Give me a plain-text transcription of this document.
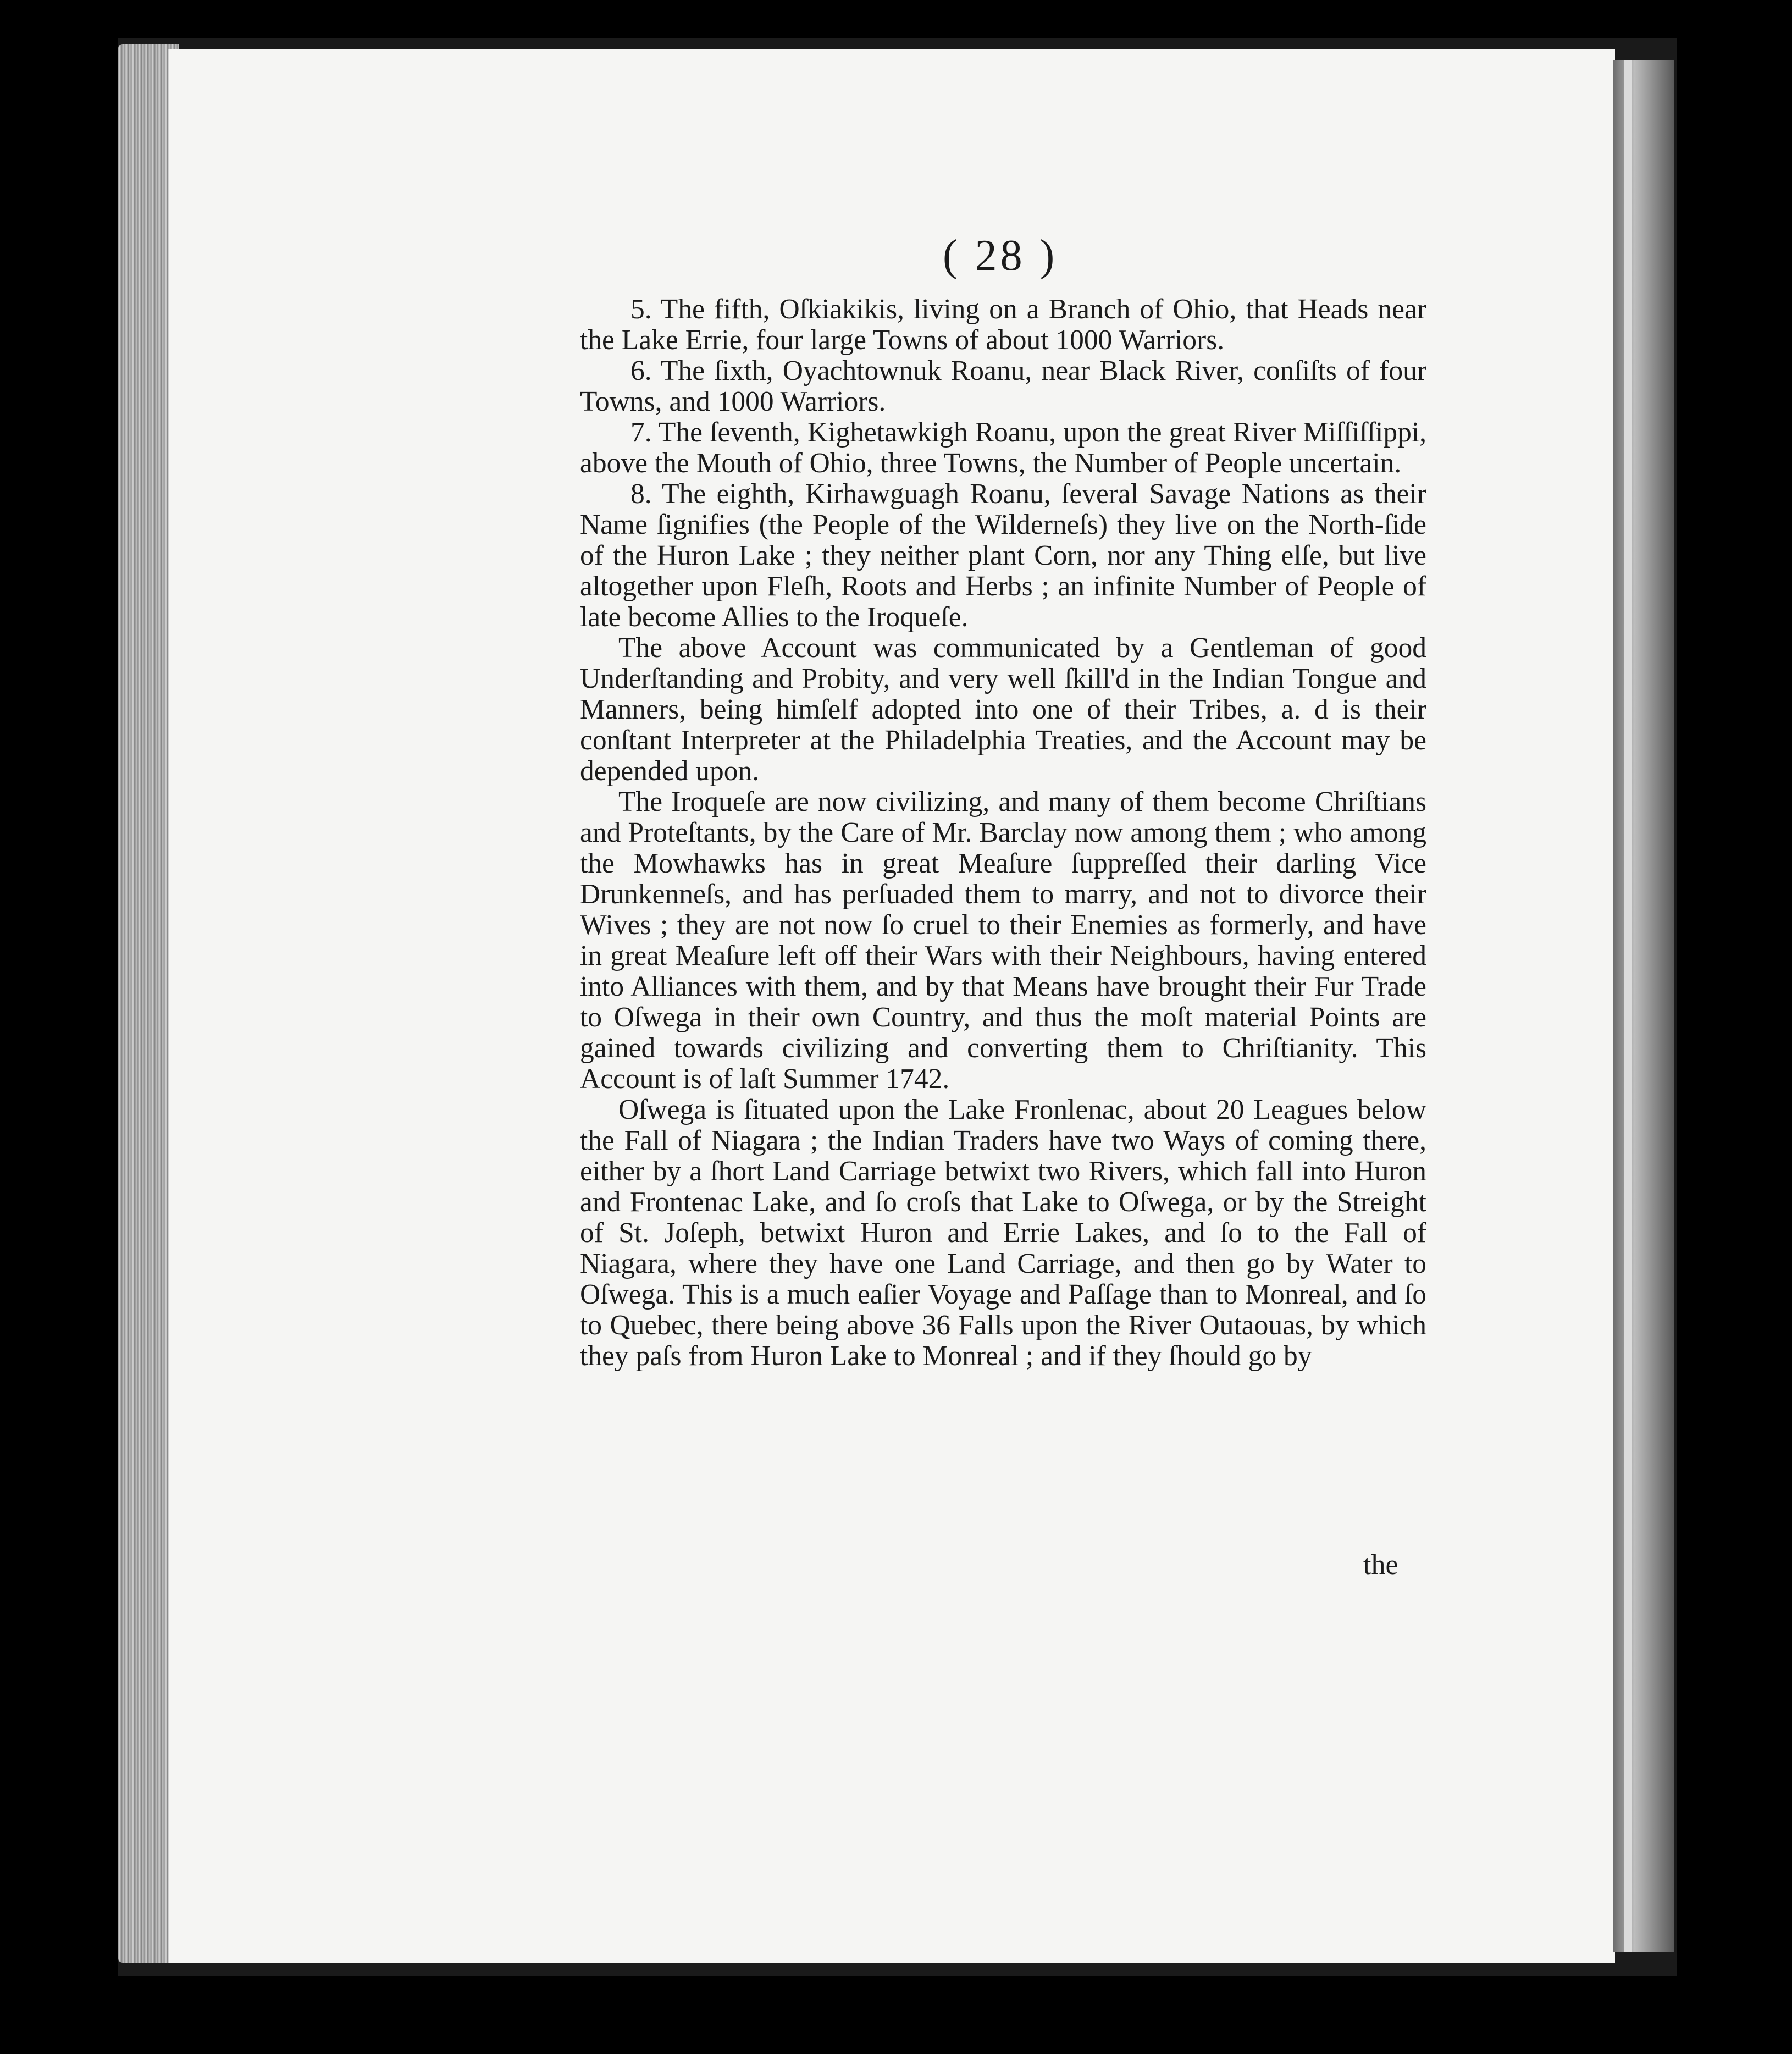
( 28 )

5. The fifth, Oſkiakikis, living on a Branch of Ohio, that Heads near the Lake Errie, four large Towns of about 1000 Warriors.

6. The ſixth, Oyachtownuk Roanu, near Black River, conſiſts of four Towns, and 1000 Warriors.

7. The ſeventh, Kighetawkigh Roanu, upon the great River Miſſiſſippi, above the Mouth of Ohio, three Towns, the Number of People uncertain.

8. The eighth, Kirhawguagh Roanu, ſeveral Savage Nations as their Name ſignifies (the People of the Wilderneſs) they live on the North-ſide of the Huron Lake ; they neither plant Corn, nor any Thing elſe, but live altogether upon Fleſh, Roots and Herbs ; an infinite Number of People of late become Allies to the Iroqueſe.

The above Account was communicated by a Gentleman of good Underſtanding and Probity, and very well ſkill'd in the Indian Tongue and Manners, being himſelf adopted into one of their Tribes, a. d is their conſtant Interpreter at the Philadelphia Treaties, and the Account may be depended upon.

The Iroqueſe are now civilizing, and many of them become Chriſtians and Proteſtants, by the Care of Mr. Barclay now among them ; who among the Mowhawks has in great Meaſure ſuppreſſed their darling Vice Drunkenneſs, and has perſuaded them to marry, and not to divorce their Wives ; they are not now ſo cruel to their Enemies as formerly, and have in great Meaſure left off their Wars with their Neighbours, having entered into Alliances with them, and by that Means have brought their Fur Trade to Oſwega in their own Country, and thus the moſt material Points are gained towards civilizing and converting them to Chriſtianity. This Account is of laſt Summer 1742.

Oſwega is ſituated upon the Lake Fronlenac, about 20 Leagues below the Fall of Niagara ; the Indian Traders have two Ways of coming there, either by a ſhort Land Carriage betwixt two Rivers, which fall into Huron and Frontenac Lake, and ſo croſs that Lake to Oſwega, or by the Streight of St. Joſeph, betwixt Huron and Errie Lakes, and ſo to the Fall of Niagara, where they have one Land Carriage, and then go by Water to Oſwega. This is a much eaſier Voyage and Paſſage than to Monreal, and ſo to Quebec, there being above 36 Falls upon the River Outaouas, by which they paſs from Huron Lake to Monreal ; and if they ſhould go by

the
